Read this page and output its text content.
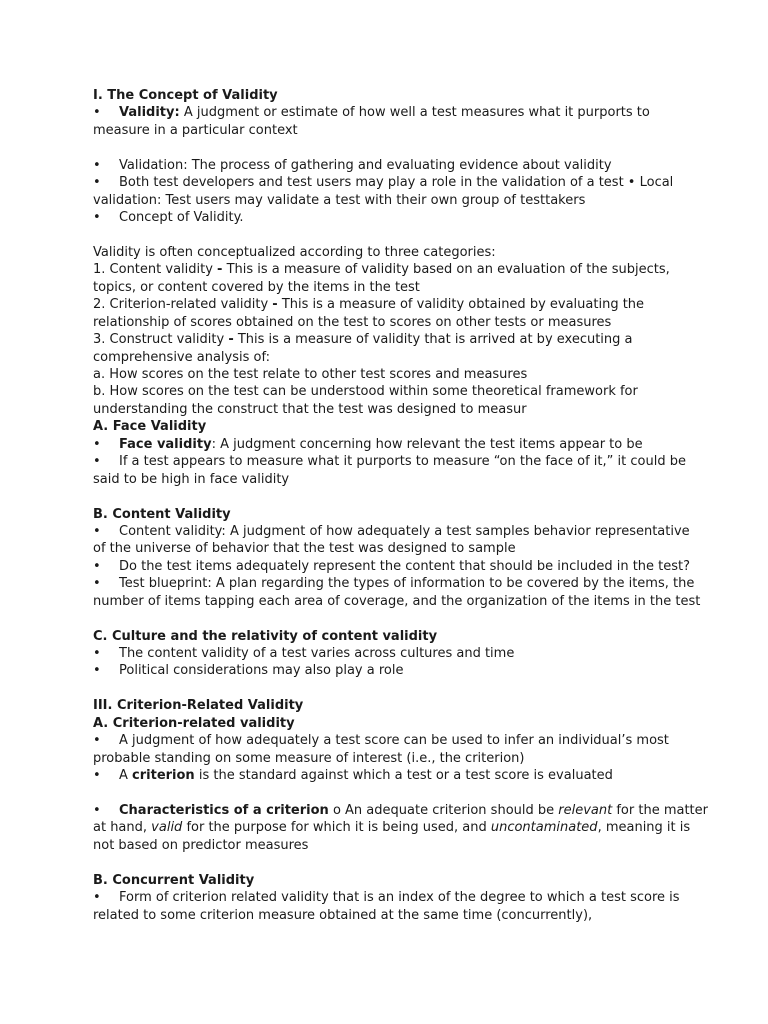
I. The Concept of Validity
• Validity: A judgment or estimate of how well a test measures what it purports to
measure in a particular context
• Validation: The process of gathering and evaluating evidence about validity
• Both test developers and test users may play a role in the validation of a test • Local
validation: Test users may validate a test with their own group of testtakers
• Concept of Validity.
Validity is often conceptualized according to three categories:
1. Content validity - This is a measure of validity based on an evaluation of the subjects,
topics, or content covered by the items in the test
2. Criterion-related validity - This is a measure of validity obtained by evaluating the
relationship of scores obtained on the test to scores on other tests or measures
3. Construct validity - This is a measure of validity that is arrived at by executing a
comprehensive analysis of:
a. How scores on the test relate to other test scores and measures
b. How scores on the test can be understood within some theoretical framework for
understanding the construct that the test was designed to measur
A. Face Validity
• Face validity: A judgment concerning how relevant the test items appear to be
• If a test appears to measure what it purports to measure “on the face of it,” it could be
said to be high in face validity
B. Content Validity
• Content validity: A judgment of how adequately a test samples behavior representative
of the universe of behavior that the test was designed to sample
• Do the test items adequately represent the content that should be included in the test?
• Test blueprint: A plan regarding the types of information to be covered by the items, the
number of items tapping each area of coverage, and the organization of the items in the test
C. Culture and the relativity of content validity
• The content validity of a test varies across cultures and time
• Political considerations may also play a role
III. Criterion-Related Validity
A. Criterion-related validity
• A judgment of how adequately a test score can be used to infer an individual’s most
probable standing on some measure of interest (i.e., the criterion)
• A criterion is the standard against which a test or a test score is evaluated
• Characteristics of a criterion o An adequate criterion should be relevant for the matter
at hand, valid for the purpose for which it is being used, and uncontaminated, meaning it is
not based on predictor measures
B. Concurrent Validity
• Form of criterion related validity that is an index of the degree to which a test score is
related to some criterion measure obtained at the same time (concurrently),
